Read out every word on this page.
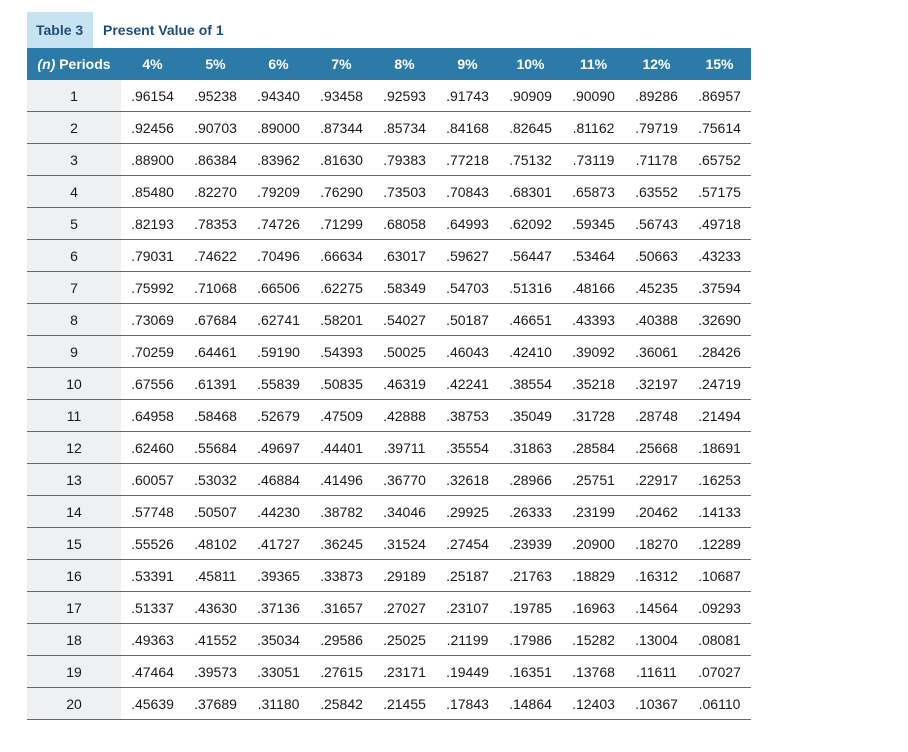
Table 3	Present Value of 1
(n) Periods	4%	5%	6%	7%	8%	9%	10%	11%	12%	15%
1	.96154	.95238	.94340	.93458	.92593	.91743	.90909	.90090	.89286	.86957
2	.92456	.90703	.89000	.87344	.85734	.84168	.82645	.81162	.79719	.75614
3	.88900	.86384	.83962	.81630	.79383	.77218	.75132	.73119	.71178	.65752
4	.85480	.82270	.79209	.76290	.73503	.70843	.68301	.65873	.63552	.57175
5	.82193	.78353	.74726	.71299	.68058	.64993	.62092	.59345	.56743	.49718
6	.79031	.74622	.70496	.66634	.63017	.59627	.56447	.53464	.50663	.43233
7	.75992	.71068	.66506	.62275	.58349	.54703	.51316	.48166	.45235	.37594
8	.73069	.67684	.62741	.58201	.54027	.50187	.46651	.43393	.40388	.32690
9	.70259	.64461	.59190	.54393	.50025	.46043	.42410	.39092	.36061	.28426
10	.67556	.61391	.55839	.50835	.46319	.42241	.38554	.35218	.32197	.24719
11	.64958	.58468	.52679	.47509	.42888	.38753	.35049	.31728	.28748	.21494
12	.62460	.55684	.49697	.44401	.39711	.35554	.31863	.28584	.25668	.18691
13	.60057	.53032	.46884	.41496	.36770	.32618	.28966	.25751	.22917	.16253
14	.57748	.50507	.44230	.38782	.34046	.29925	.26333	.23199	.20462	.14133
15	.55526	.48102	.41727	.36245	.31524	.27454	.23939	.20900	.18270	.12289
16	.53391	.45811	.39365	.33873	.29189	.25187	.21763	.18829	.16312	.10687
17	.51337	.43630	.37136	.31657	.27027	.23107	.19785	.16963	.14564	.09293
18	.49363	.41552	.35034	.29586	.25025	.21199	.17986	.15282	.13004	.08081
19	.47464	.39573	.33051	.27615	.23171	.19449	.16351	.13768	.11611	.07027
20	.45639	.37689	.31180	.25842	.21455	.17843	.14864	.12403	.10367	.06110
